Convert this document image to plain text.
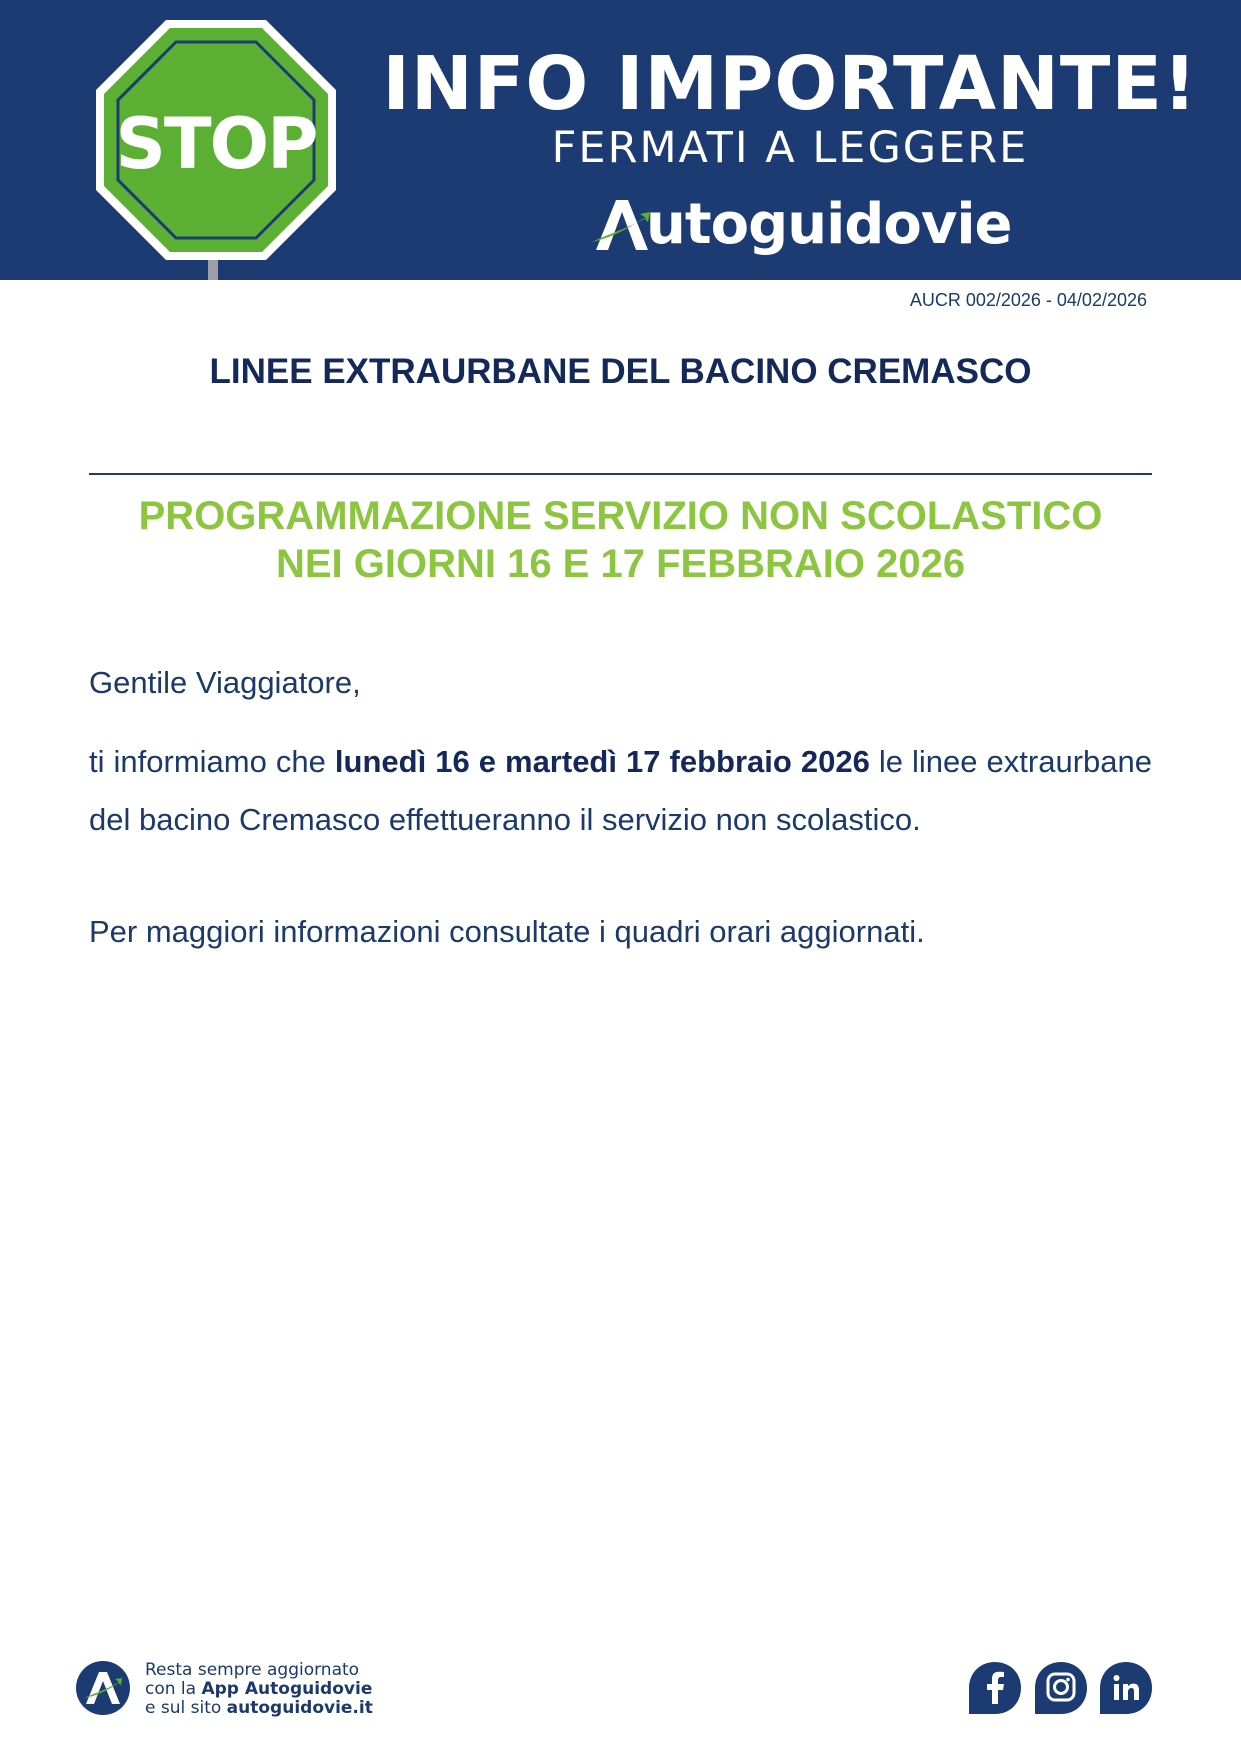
STOP
INFO IMPORTANTE!
FERMATI A LEGGERE
utoguidovie
AUCR 002/2026 - 04/02/2026
LINEE EXTRAURBANE DEL BACINO CREMASCO
PROGRAMMAZIONE SERVIZIO NON SCOLASTICO
NEI GIORNI 16 E 17 FEBBRAIO 2026
Gentile Viaggiatore,
ti informiamo che lunedì 16 e martedì 17 febbraio 2026 le linee extraurbane del bacino Cremasco effettueranno il servizio non scolastico.
Per maggiori informazioni consultate i quadri orari aggiornati.
Resta sempre aggiornato
con la App Autoguidovie
e sul sito autoguidovie.it
